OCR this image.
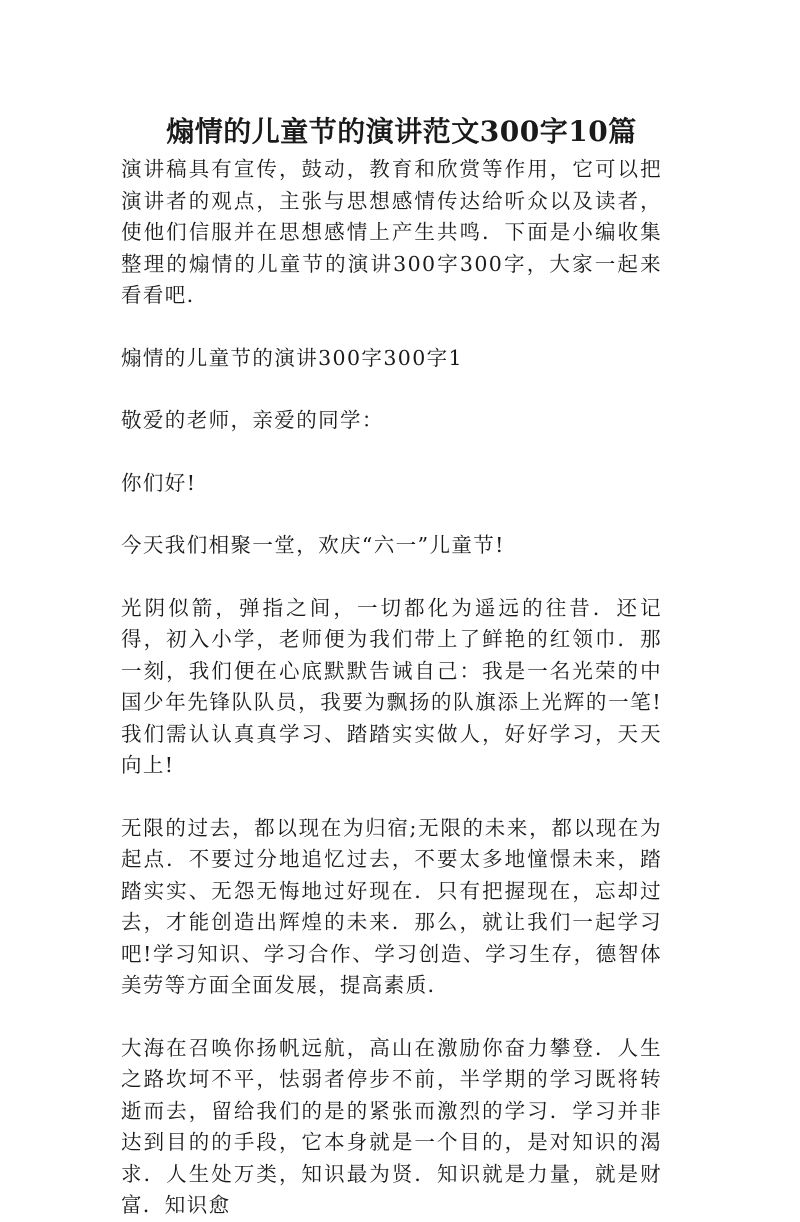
煽情的儿童节的演讲范文300字10篇

演讲稿具有宣传，鼓动，教育和欣赏等作用，它可以把演讲者的观点，主张与思想感情传达给听众以及读者，使他们信服并在思想感情上产生共鸣．下面是小编收集整理的煽情的儿童节的演讲300字300字，大家一起来看看吧．

煽情的儿童节的演讲300字300字1

敬爱的老师，亲爱的同学：

你们好!

今天我们相聚一堂，欢庆“六一”儿童节!

光阴似箭，弹指之间，一切都化为遥远的往昔．还记得，初入小学，老师便为我们带上了鲜艳的红领巾．那一刻，我们便在心底默默告诫自己：我是一名光荣的中国少年先锋队队员，我要为飘扬的队旗添上光辉的一笔!我们需认认真真学习、踏踏实实做人，好好学习，天天向上!

无限的过去，都以现在为归宿;无限的未来，都以现在为起点．不要过分地追忆过去，不要太多地憧憬未来，踏踏实实、无怨无悔地过好现在．只有把握现在，忘却过去，才能创造出辉煌的未来．那么，就让我们一起学习吧!学习知识、学习合作、学习创造、学习生存，德智体美劳等方面全面发展，提高素质．

大海在召唤你扬帆远航，高山在激励你奋力攀登．人生之路坎坷不平，怯弱者停步不前，半学期的学习既将转逝而去，留给我们的是的紧张而激烈的学习．学习并非达到目的的手段，它本身就是一个目的，是对知识的渴求．人生处万类，知识最为贤．知识就是力量，就是财富．知识愈
